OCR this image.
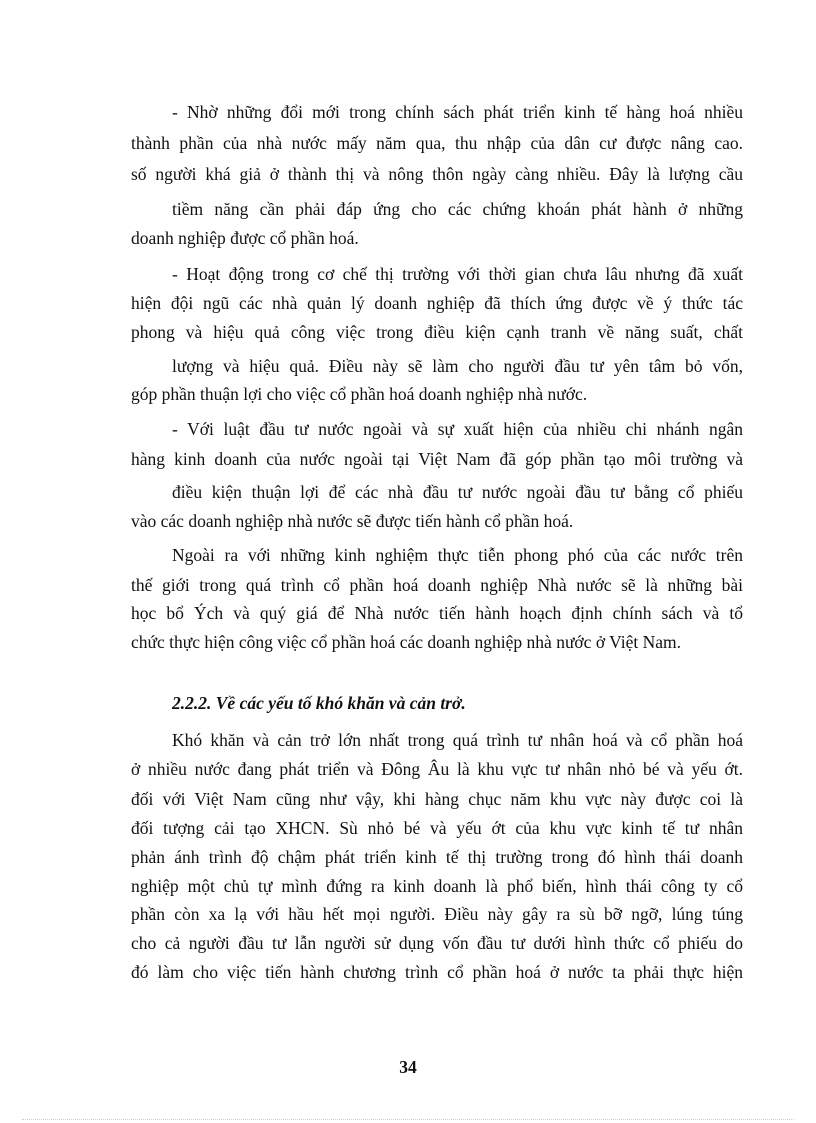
- Nhờ những đổi mới trong chính sách phát triển kinh tế hàng hoá nhiều
thành phần của nhà nước mấy năm qua, thu nhập của dân cư được nâng cao.
số người khá giả ở thành thị và nông thôn ngày càng nhiều. Đây là lượng cầu
tiềm năng cần phải đáp ứng cho các chứng khoán phát hành ở những
doanh nghiệp được cổ phần hoá.
- Hoạt động trong cơ chế thị trường với thời gian chưa lâu nhưng đã xuất
hiện đội ngũ các nhà quản lý doanh nghiệp đã thích ứng được về ý thức tác
phong và hiệu quả công việc trong điều kiện cạnh tranh về năng suất, chất
lượng và hiệu quả. Điều này sẽ làm cho người đầu tư yên tâm bỏ vốn,
góp phần thuận lợi cho việc cổ phần hoá doanh nghiệp nhà nước.
- Với luật đầu tư nước ngoài và sự xuất hiện của nhiều chi nhánh ngân
hàng kinh doanh của nước ngoài tại Việt Nam đã góp phần tạo môi trường và
điều kiện thuận lợi để các nhà đầu tư nước ngoài đầu tư bằng cổ phiếu
vào các doanh nghiệp nhà nước sẽ được tiến hành cổ phần hoá.
Ngoài ra với những kinh nghiệm thực tiễn phong phó của các nước trên
thế giới trong quá trình cổ phần hoá doanh nghiệp Nhà nước sẽ là những bài
học bổ Ých và quý giá để Nhà nước tiến hành hoạch định chính sách và tổ
chức thực hiện công việc cổ phần hoá các doanh nghiệp nhà nước ở Việt Nam.
2.2.2. Về các yếu tố khó khăn và cản trở.
Khó khăn và cản trở lớn nhất trong quá trình tư nhân hoá và cổ phần hoá
ở nhiều nước đang phát triển và Đông Âu là khu vực tư nhân nhỏ bé và yếu ớt.
đối với Việt Nam cũng như vậy, khi hàng chục năm khu vực này được coi là
đối tượng cải tạo XHCN. Sù nhỏ bé và yếu ớt của khu vực kinh tế tư nhân
phản ánh trình độ chậm phát triển kinh tế thị trường trong đó hình thái doanh
nghiệp một chủ tự mình đứng ra kinh doanh là phổ biến, hình thái công ty cổ
phần còn xa lạ với hầu hết mọi người. Điều này gây ra sù bỡ ngỡ, lúng túng
cho cả người đầu tư lẫn người sử dụng vốn đầu tư dưới hình thức cổ phiếu do
đó làm cho việc tiến hành chương trình cổ phần hoá ở nước ta phải thực hiện
34
